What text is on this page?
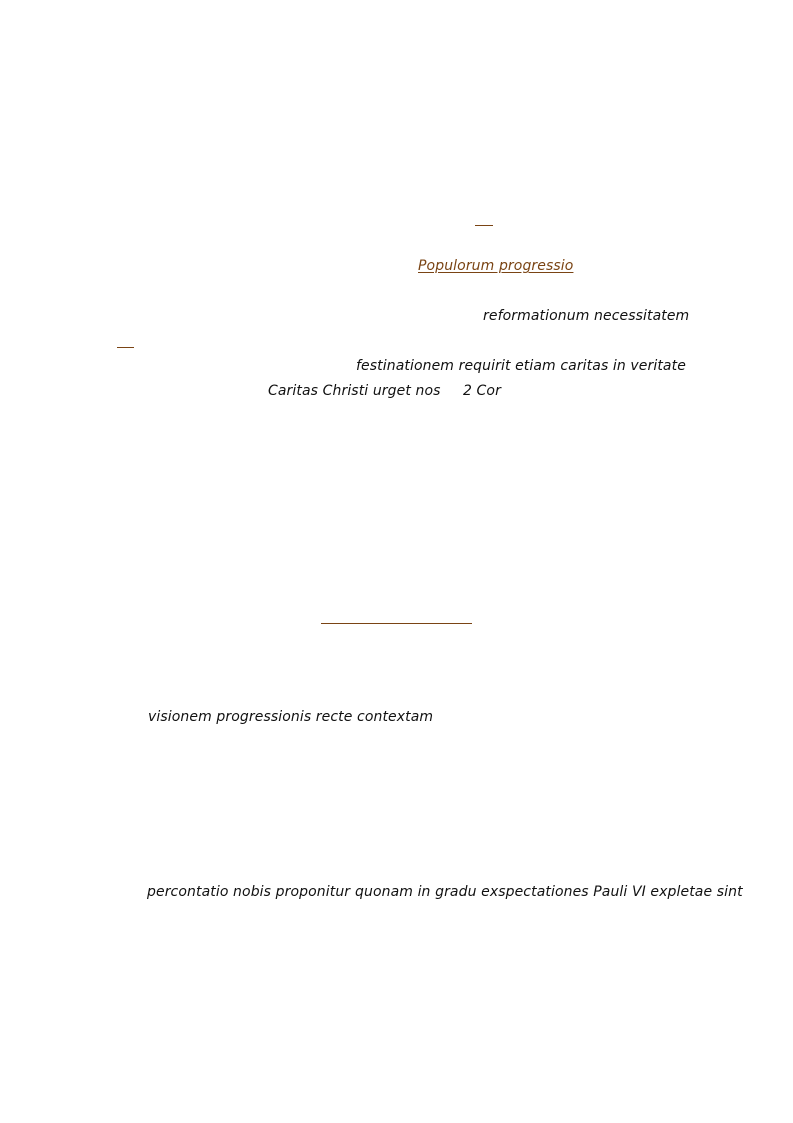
Populorum progressio
reformationum necessitatem
festinationem requirit etiam caritas in veritate
Caritas Christi urget nos 2 Cor
visionem progressionis recte contextam
percontatio nobis proponitur quonam in gradu exspectationes Pauli VI expletae sint
